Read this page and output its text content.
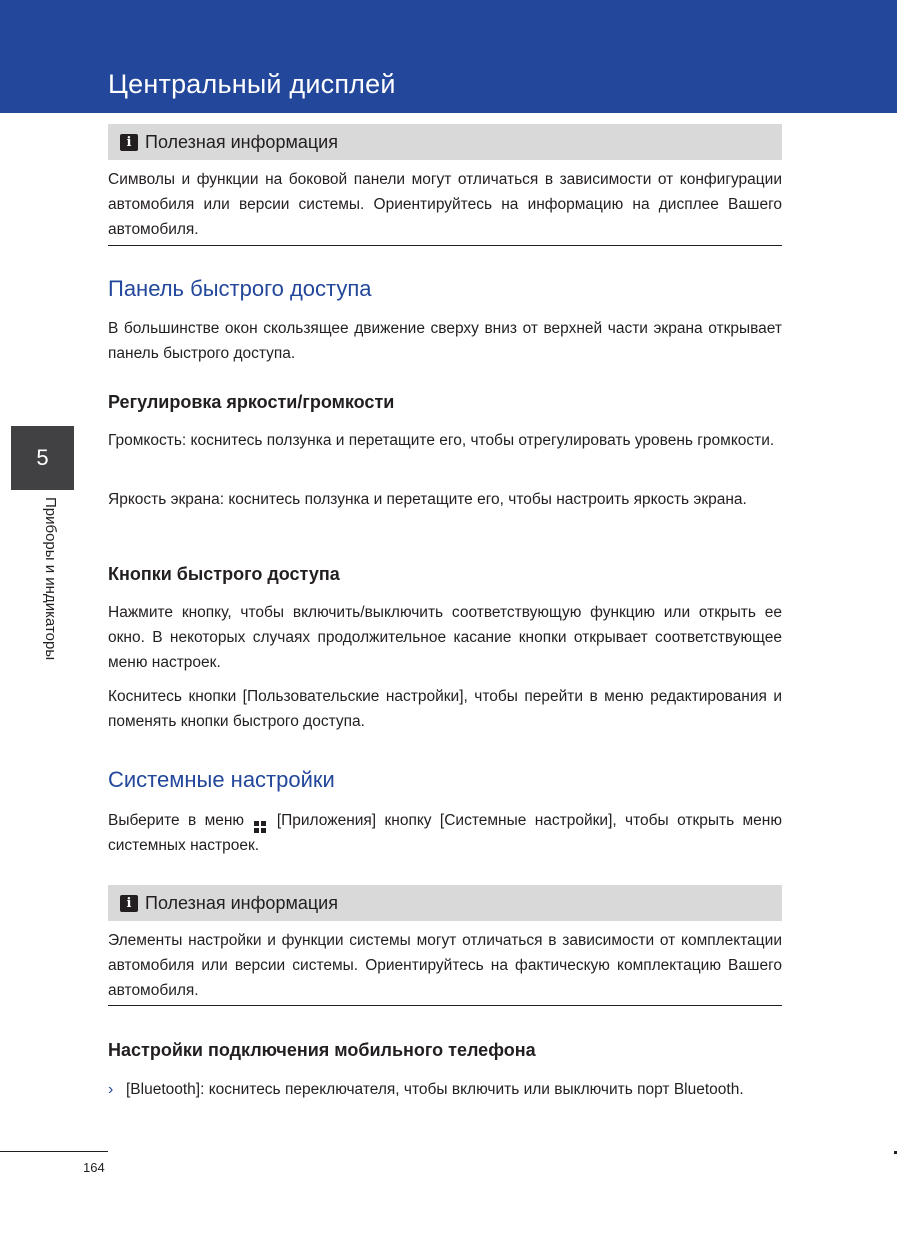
Центральный дисплей
i Полезная информация

Символы и функции на боковой панели могут отличаться в зависимости от конфигурации автомобиля или версии системы. Ориентируйтесь на информацию на дисплее Вашего автомобиля.

Панель быстрого доступа

В большинстве окон скользящее движение сверху вниз от верхней части экрана открывает панель быстрого доступа.

Регулировка яркости/громкости

Громкость: коснитесь ползунка и перетащите его, чтобы отрегулировать уровень громкости.

Яркость экрана: коснитесь ползунка и перетащите его, чтобы настроить яркость экрана.

Кнопки быстрого доступа

Нажмите кнопку, чтобы включить/выключить соответствующую функцию или открыть ее окно. В некоторых случаях продолжительное касание кнопки открывает соответствующее меню настроек.

Коснитесь кнопки [Пользовательские настройки], чтобы перейти в меню редактирования и поменять кнопки быстрого доступа.

Системные настройки

Выберите в меню [Приложения] кнопку [Системные настройки], чтобы открыть меню системных настроек.

i Полезная информация

Элементы настройки и функции системы могут отличаться в зависимости от комплектации автомобиля или версии системы. Ориентируйтесь на фактическую комплектацию Вашего автомобиля.

Настройки подключения мобильного телефона
› [Bluetooth]: коснитесь переключателя, чтобы включить или выключить порт Bluetooth.

5
Приборы и индикаторы
164
